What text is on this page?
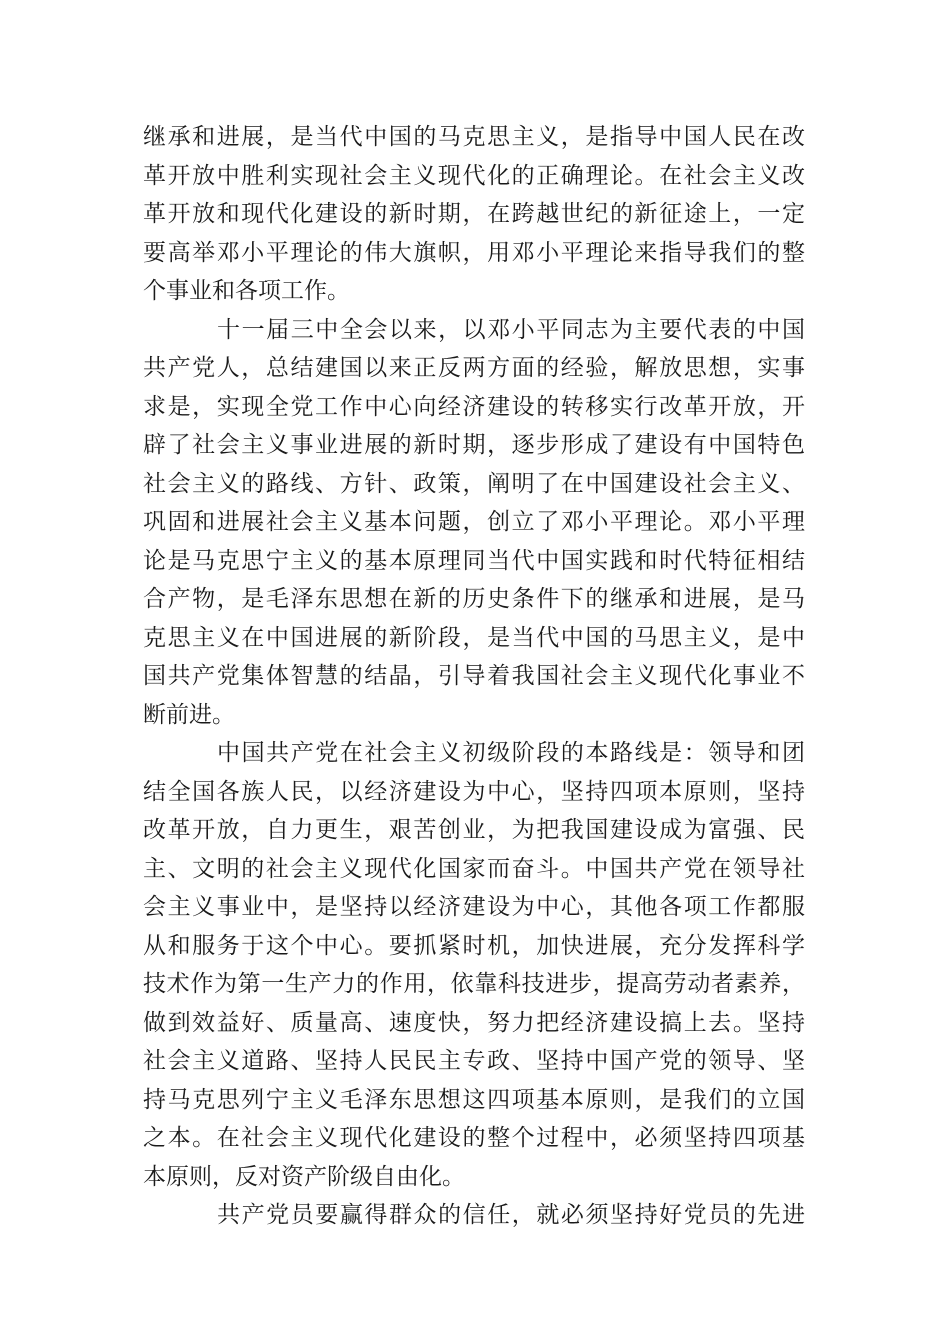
继承和进展，是当代中国的马克思主义，是指导中国人民在改
革开放中胜利实现社会主义现代化的正确理论。在社会主义改
革开放和现代化建设的新时期，在跨越世纪的新征途上，一定
要高举邓小平理论的伟大旗帜，用邓小平理论来指导我们的整
个事业和各项工作。

十一届三中全会以来，以邓小平同志为主要代表的中国
共产党人，总结建国以来正反两方面的经验，解放思想，实事
求是，实现全党工作中心向经济建设的转移实行改革开放，开
辟了社会主义事业进展的新时期，逐步形成了建设有中国特色
社会主义的路线、方针、政策，阐明了在中国建设社会主义、
巩固和进展社会主义基本问题，创立了邓小平理论。邓小平理
论是马克思宁主义的基本原理同当代中国实践和时代特征相结
合产物，是毛泽东思想在新的历史条件下的继承和进展，是马
克思主义在中国进展的新阶段，是当代中国的马思主义，是中
国共产党集体智慧的结晶，引导着我国社会主义现代化事业不
断前进。

中国共产党在社会主义初级阶段的本路线是：领导和团
结全国各族人民，以经济建设为中心，坚持四项本原则，坚持
改革开放，自力更生，艰苦创业，为把我国建设成为富强、民
主、文明的社会主义现代化国家而奋斗。中国共产党在领导社
会主义事业中，是坚持以经济建设为中心，其他各项工作都服
从和服务于这个中心。要抓紧时机，加快进展，充分发挥科学
技术作为第一生产力的作用，依靠科技进步，提高劳动者素养，
做到效益好、质量高、速度快，努力把经济建设搞上去。坚持
社会主义道路、坚持人民民主专政、坚持中国产党的领导、坚
持马克思列宁主义毛泽东思想这四项基本原则，是我们的立国
之本。在社会主义现代化建设的整个过程中，必须坚持四项基
本原则，反对资产阶级自由化。

共产党员要赢得群众的信任，就必须坚持好党员的先进
